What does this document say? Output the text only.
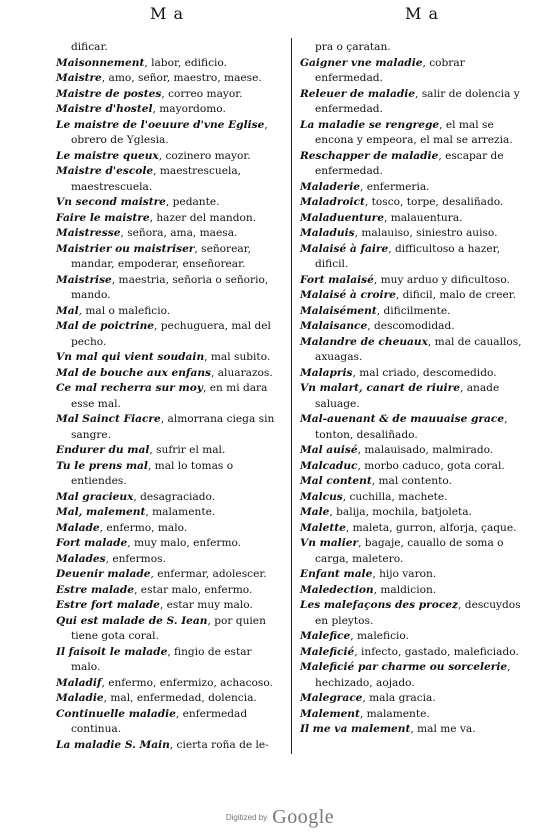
M a	M a
dificar.
Maisonnement, labor, edificio.
Maistre, amo, señor, maestro, maese.
Maistre de postes, correo mayor.
Maistre d'hostel, mayordomo.
Le maistre de l'oeuure d'vne Eglise, obrero de Yglesia.
Le maistre queux, cozinero mayor.
Maistre d'escole, maestrescuela, maestrescuela.
Vn second maistre, pedante.
Faire le maistre, hazer del mandon.
Maistresse, señora, ama, maesa.
Maistrier ou maistriser, señorear, mandar, empoderar, enseñorear.
Maistrise, maestria, señoria o señorio, mando.
Mal, mal o maleficio.
Mal de poictrine, pechuguera, mal del pecho.
Vn mal qui vient soudain, mal subito.
Mal de bouche aux enfans, aluarazos.
Ce mal recherra sur moy, en mi dara esse mal.
Mal Sainct Fiacre, almorrana ciega sin sangre.
Endurer du mal, sufrir el mal.
Tu le prens mal, mal lo tomas o entiendes.
Mal gracieux, desagraciado.
Mal, malement, malamente.
Malade, enfermo, malo.
Fort malade, muy malo, enfermo.
Malades, enfermos.
Deuenir malade, enfermar, adolescer.
Estre malade, estar malo, enfermo.
Estre fort malade, estar muy malo.
Qui est malade de S. Iean, por quien tiene gota coral.
Il faisoit le malade, fingio de estar malo.
Maladif, enfermo, enfermizo, achacoso.
Maladie, mal, enfermedad, dolencia.
Continuelle maladie, enfermedad continua.
La maladie S. Main, cierta roña de le-
pra o çaratan.
Gaigner vne maladie, cobrar enfermedad.
Releuer de maladie, salir de dolencia y enfermedad.
La maladie se rengrege, el mal se encona y empeora, el mal se arrezia.
Reschapper de maladie, escapar de enfermedad.
Maladerie, enfermeria.
Maladroict, tosco, torpe, desaliñado.
Maladuenture, malauentura.
Maladuis, malauiso, siniestro auiso.
Malaisé à faire, difficultoso a hazer, dificil.
Fort malaisé, muy arduo y dificultoso.
Malaisé à croire, dificil, malo de creer.
Malaisément, dificilmente.
Malaisance, descomodidad.
Malandre de cheuaux, mal de cauallos, axuagas.
Malapris, mal criado, descomedido.
Vn malart, canart de riuire, anade saluage.
Mal-auenant & de mauuaise grace, tonton, desaliñado.
Mal auisé, malauisado, malmirado.
Malcaduc, morbo caduco, gota coral.
Mal content, mal contento.
Malcus, cuchilla, machete.
Male, balija, mochila, batjoleta.
Malette, maleta, gurron, alforja, çaque.
Vn malier, bagaje, cauallo de soma o carga, maletero.
Enfant male, hijo varon.
Maledection, maldicion.
Les malefaçons des procez, descuydos en pleytos.
Malefice, maleficio.
Maleficié, infecto, gastado, maleficiado.
Maleficié par charme ou sorcelerie, hechizado, aojado.
Malegrace, mala gracia.
Malement, malamente.
Il me va malement, mal me va.
Digitized by Google
